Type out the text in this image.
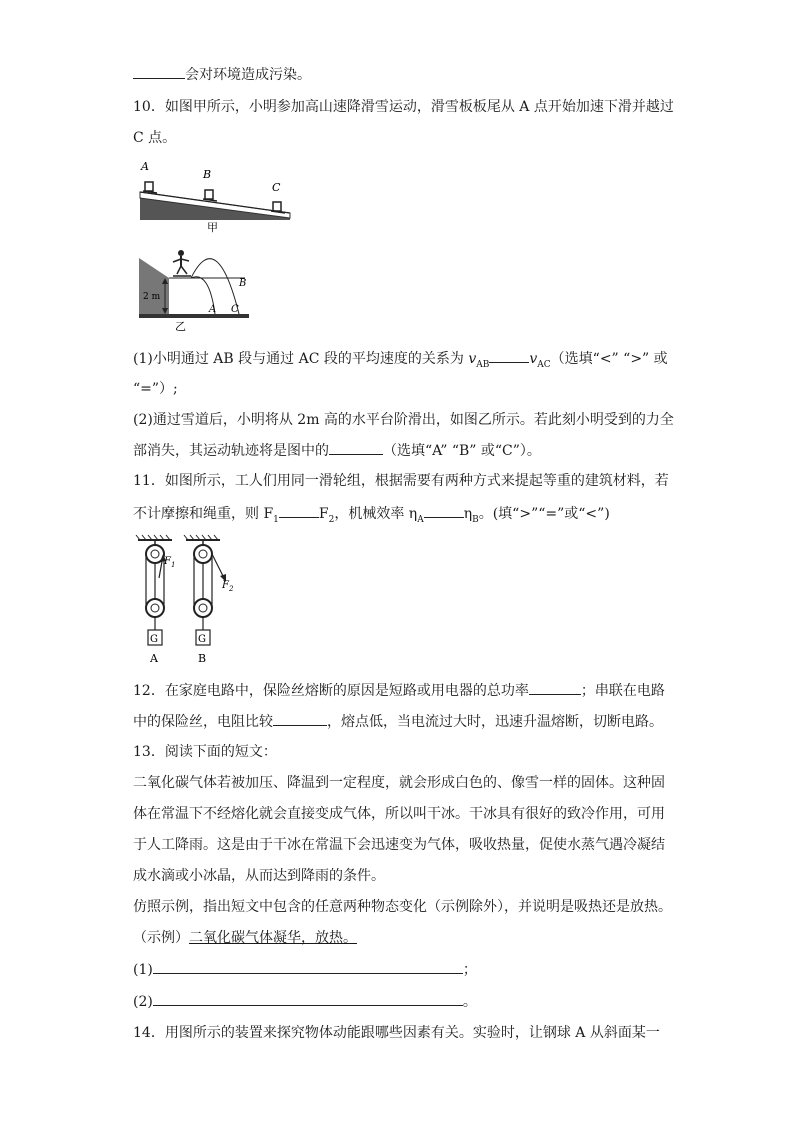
会对环境造成污染。
10．如图甲所示，小明参加高山速降滑雪运动，滑雪板板尾从 A 点开始加速下滑并越过
C 点。
A
B
C
甲
2 m
B
A C
乙
(1)小明通过 AB 段与通过 AC 段的平均速度的关系为 $v_{AB}$	$v_{AC}$（选填“<” “>” 或
“=”）;
(2)通过雪道后，小明将从 2m 高的水平台阶滑出，如图乙所示。若此刻小明受到的力全
部消失，其运动轨迹将是图中的	（选填“A” “B” 或“C”）。
11．如图所示，工人们用同一滑轮组，根据需要有两种方式来提起等重的建筑材料，若
不计摩擦和绳重，则 $F_1$	$F_2$，机械效率 $\eta_A$	$\eta_B$。(填“>”“=”或“<”)
$F_1$
$F_2$
G	G
A	B
12．在家庭电路中，保险丝熔断的原因是短路或用电器的总功率	；串联在电路
中的保险丝，电阻比较	，熔点低，当电流过大时，迅速升温熔断，切断电路。
13．阅读下面的短文：
二氧化碳气体若被加压、降温到一定程度，就会形成白色的、像雪一样的固体。这种固
体在常温下不经熔化就会直接变成气体，所以叫干冰。干冰具有很好的致冷作用，可用
于人工降雨。这是由于干冰在常温下会迅速变为气体，吸收热量，促使水蒸气遇冷凝结
成水滴或小冰晶，从而达到降雨的条件。
仿照示例，指出短文中包含的任意两种物态变化（示例除外），并说明是吸热还是放热。
（示例）二氧化碳气体凝华，放热。
(1)	；
(2)	。
14．用图所示的装置来探究物体动能跟哪些因素有关。实验时，让钢球 A 从斜面某一
